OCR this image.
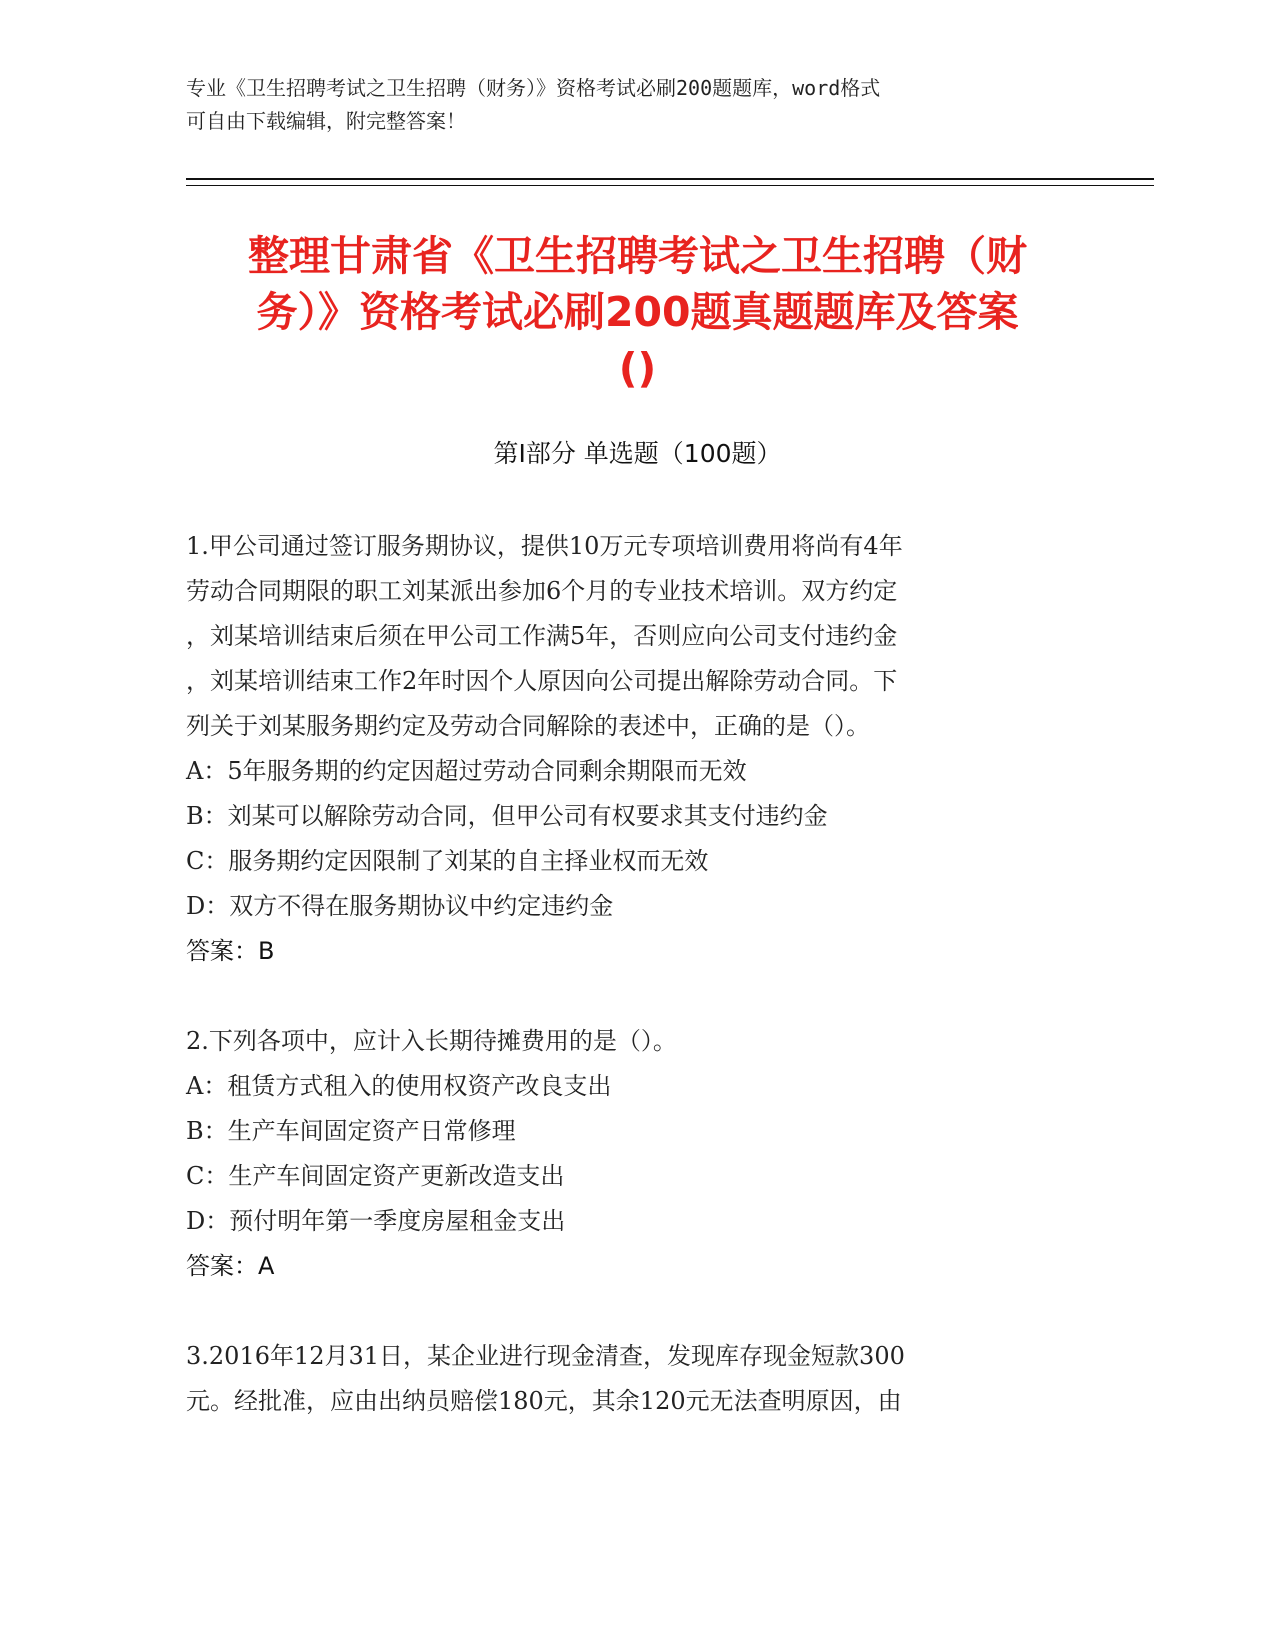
专业《卫生招聘考试之卫生招聘（财务）》资格考试必刷200题题库，word格式
可自由下载编辑，附完整答案！
整理甘肃省《卫生招聘考试之卫生招聘（财
务）》资格考试必刷200题真题题库及答案
()
第Ⅰ部分 单选题（100题）
1.甲公司通过签订服务期协议，提供10万元专项培训费用将尚有4年
劳动合同期限的职工刘某派出参加6个月的专业技术培训。双方约定
，刘某培训结束后须在甲公司工作满5年，否则应向公司支付违约金
，刘某培训结束工作2年时因个人原因向公司提出解除劳动合同。下
列关于刘某服务期约定及劳动合同解除的表述中，正确的是（）。
A：5年服务期的约定因超过劳动合同剩余期限而无效
B：刘某可以解除劳动合同，但甲公司有权要求其支付违约金
C：服务期约定因限制了刘某的自主择业权而无效
D：双方不得在服务期协议中约定违约金
答案：B
2.下列各项中，应计入长期待摊费用的是（）。
A：租赁方式租入的使用权资产改良支出
B：生产车间固定资产日常修理
C：生产车间固定资产更新改造支出
D：预付明年第一季度房屋租金支出
答案：A
3.2016年12月31日，某企业进行现金清查，发现库存现金短款300
元。经批准，应由出纳员赔偿180元，其余120元无法查明原因，由
